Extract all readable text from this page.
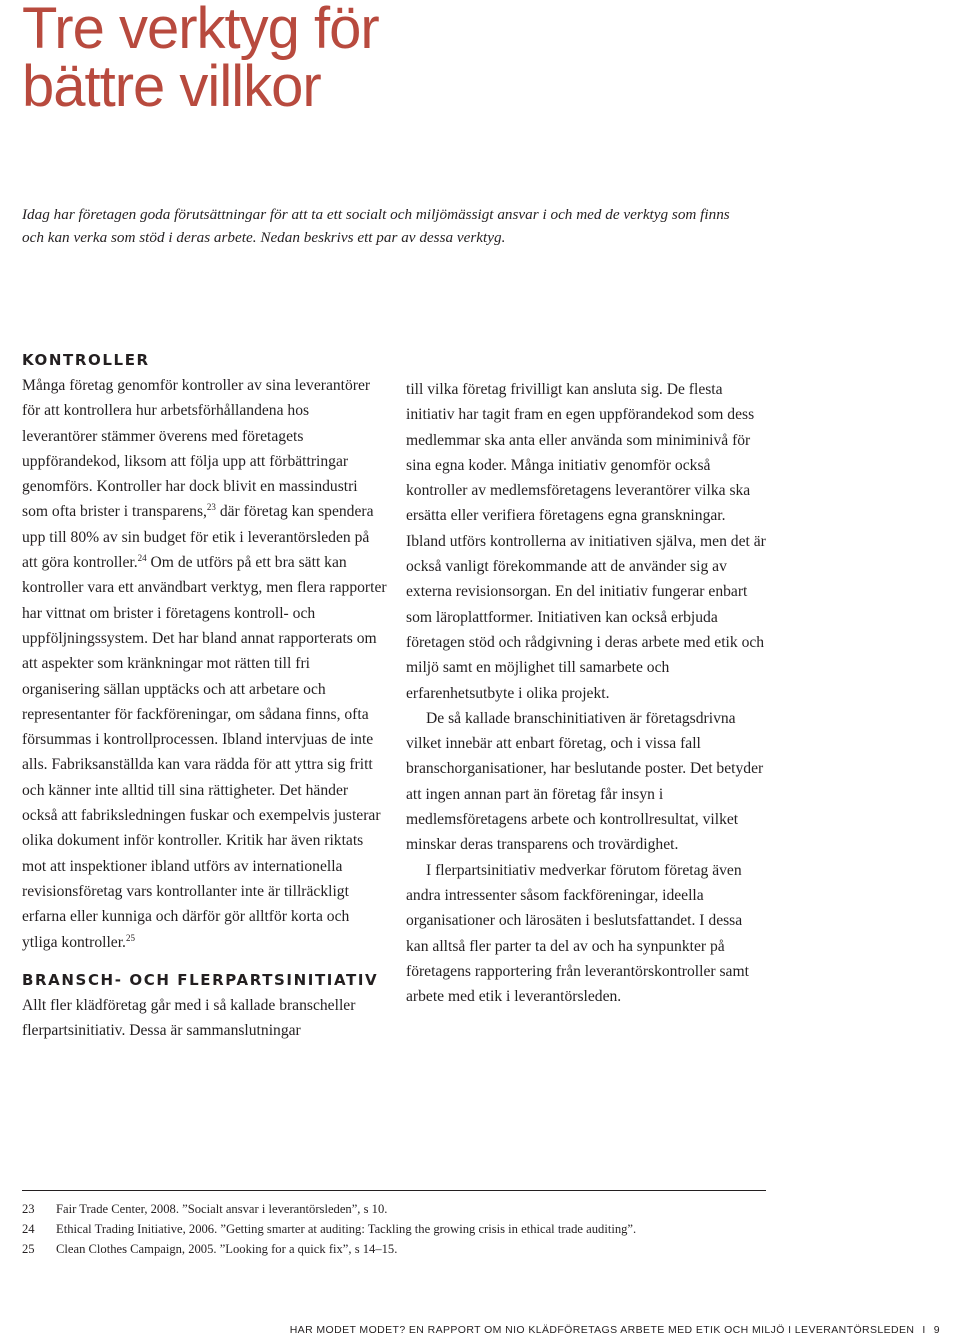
Tre verktyg för
bättre villkor

Idag har företagen goda förutsättningar för att ta ett socialt och miljömässigt ansvar i och med de verktyg som finns och kan verka som stöd i deras arbete. Nedan beskrivs ett par av dessa verktyg.

KONTROLLER

Många företag genomför kontroller av sina leverantörer för att kontrollera hur arbetsförhållandena hos leverantörer stämmer överens med företagets uppförandekod, liksom att följa upp att förbättringar genomförs. Kontroller har dock blivit en massindustri som ofta brister i transparens,$^{23}$ där företag kan spendera upp till 80% av sin budget för etik i leverantörsleden på att göra kontroller.$^{24}$ Om de utförs på ett bra sätt kan kontroller vara ett användbart verktyg, men flera rapporter har vittnat om brister i företagens kontroll- och uppföljningssystem. Det har bland annat rapporterats om att aspekter som kränkningar mot rätten till fri organisering sällan upptäcks och att arbetare och representanter för fackföreningar, om sådana finns, ofta försummas i kontrollprocessen. Ibland intervjuas de inte alls. Fabriksanställda kan vara rädda för att yttra sig fritt och känner inte alltid till sina rättigheter. Det händer också att fabriksledningen fuskar och exempelvis justerar olika dokument inför kontroller. Kritik har även riktats mot att inspektioner ibland utförs av internationella revisionsföretag vars kontrollanter inte är tillräckligt erfarna eller kunniga och därför gör alltför korta och ytliga kontroller.$^{25}$

BRANSCH- OCH FLERPARTSINITIATIV

Allt fler klädföretag går med i så kallade branscheller flerpartsinitiativ. Dessa är sammanslutningar

till vilka företag frivilligt kan ansluta sig. De flesta initiativ har tagit fram en egen uppförandekod som dess medlemmar ska anta eller använda som miniminivå för sina egna koder. Många initiativ genomför också kontroller av medlemsföretagens leverantörer vilka ska ersätta eller verifiera företagens egna granskningar. Ibland utförs kontrollerna av initiativen själva, men det är också vanligt förekommande att de använder sig av externa revisionsorgan. En del initiativ fungerar enbart som läroplattformer. Initiativen kan också erbjuda företagen stöd och rådgivning i deras arbete med etik och miljö samt en möjlighet till samarbete och erfarenhetsutbyte i olika projekt.

De så kallade branschinitiativen är företagsdrivna vilket innebär att enbart företag, och i vissa fall branschorganisationer, har beslutande poster. Det betyder att ingen annan part än företag får insyn i medlemsföretagens arbete och kontrollresultat, vilket minskar deras transparens och trovärdighet.

I flerpartsinitiativ medverkar förutom företag även andra intressenter såsom fackföreningar, ideella organisationer och lärosäten i beslutsfattandet. I dessa kan alltså fler parter ta del av och ha synpunkter på företagens rapportering från leverantörskontroller samt arbete med etik i leverantörsleden.

23	Fair Trade Center, 2008. ”Socialt ansvar i leverantörsleden”, s 10.
24	Ethical Trading Initiative, 2006. ”Getting smarter at auditing: Tackling the growing crisis in ethical trade auditing”.
25	Clean Clothes Campaign, 2005. ”Looking for a quick fix”, s 14–15.
HAR MODET MODET? EN RAPPORT OM NIO KLÄDFÖRETAGS ARBETE MED ETIK OCH MILJÖ I LEVERANTÖRSLEDEN I 9
